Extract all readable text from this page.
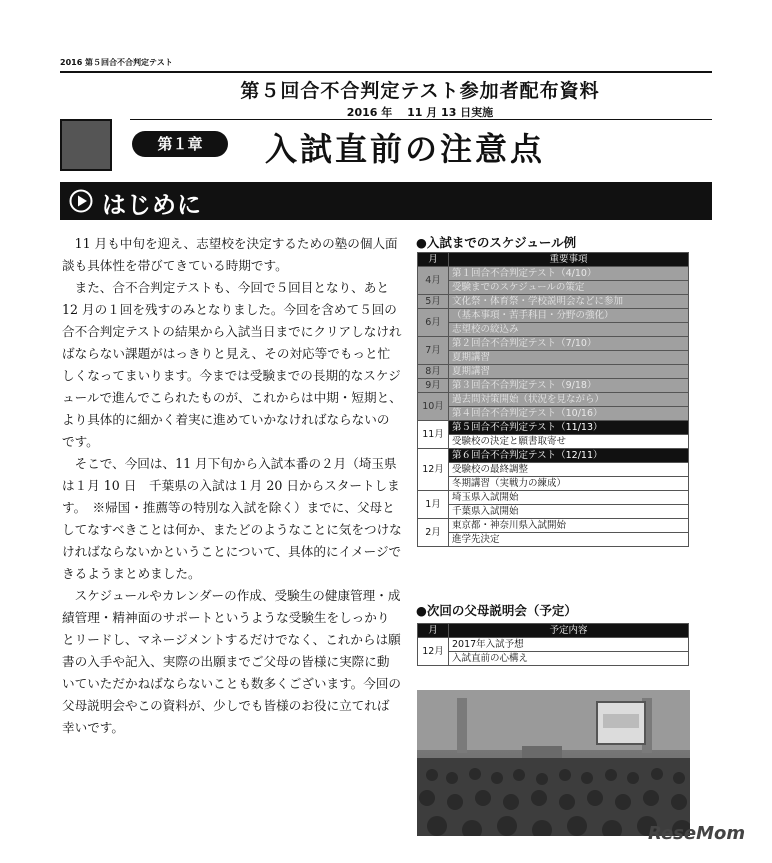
2016 第５回合不合判定テスト
第５回合不合判定テスト参加者配布資料
2016 年　 11 月 13 日実施
第１章	入試直前の注意点
はじめに

11 月も中旬を迎え、志望校を決定するための塾の個人面談も具体性を帯びてきている時期です。

また、合不合判定テストも、今回で５回目となり、あと 12 月の１回を残すのみとなりました。今回を含めて５回の合不合判定テストの結果から入試当日までにクリアしなければならない課題がはっきりと見え、その対応等でもっと忙しくなってまいります。今までは受験までの長期的なスケジュールで進んでこられたものが、これからは中期・短期と、より具体的に細かく着実に進めていかなければならないのです。

そこで、今回は、11 月下旬から入試本番の２月（埼玉県は１月 10 日　千葉県の入試は１月 20 日からスタートします。　※帰国・推薦等の特別な入試を除く）までに、父母としてなすべきことは何か、またどのようなことに気をつけなければならないかということについて、具体的にイメージできるようまとめました。

スケジュールやカレンダーの作成、受験生の健康管理・成績管理・精神面のサポートというような受験生をしっかりとリードし、マネージメントするだけでなく、これからは願書の入手や記入、実際の出願までご父母の皆様に実際に動いていただかねばならないことも数多くございます。今回の父母説明会やこの資料が、少しでも皆様のお役に立てれば幸いです。

●入試までのスケジュール例
月	重要事項
4月	第１回合不合判定テスト（4/10）
	受験までのスケジュールの策定
5月	文化祭・体育祭・学校説明会などに参加
6月	（基本事項・苦手科目・分野の強化）
	志望校の絞込み
7月	第２回合不合判定テスト（7/10）
	夏期講習
8月	夏期講習
9月	第３回合不合判定テスト（9/18）
10月	過去問対策開始（状況を見ながら）
	第４回合不合判定テスト（10/16）
11月	第５回合不合判定テスト（11/13）
	受験校の決定と願書取寄せ
12月	第６回合不合判定テスト（12/11）
	受験校の最終調整
	冬期講習（実戦力の練成）
1月	埼玉県入試開始
	千葉県入試開始
2月	東京都・神奈川県入試開始
	進学先決定
●次回の父母説明会（予定）
月	予定内容
12月	2017年入試予想
	入試直前の心構え
ReseMom
